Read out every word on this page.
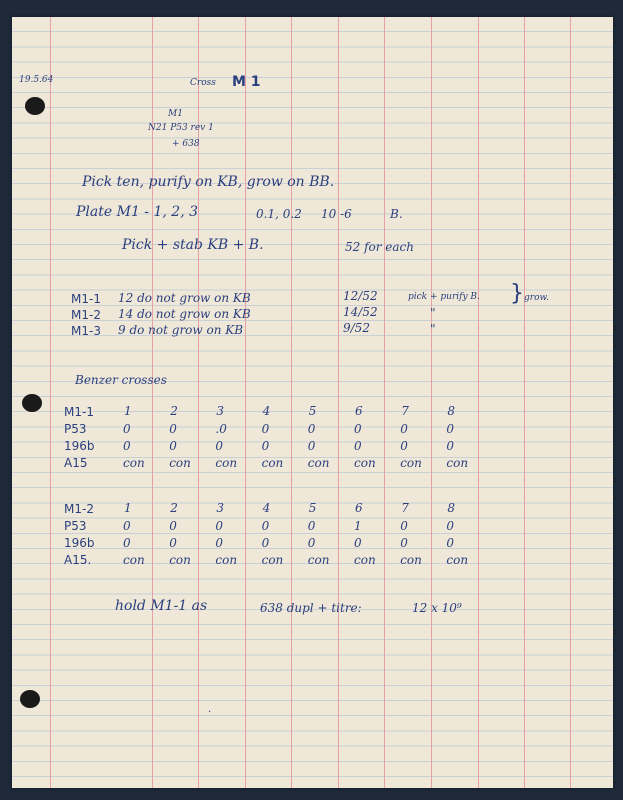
19.5.64	Cross M 1
M1
N21 P53 rev 1
+ 638
Pick ten, purify on KB, grow on BB.
Plate M1 - 1, 2, 3	0.1, 0.2 10 -6	B.
Pick + stab KB + B.	52 for each
M1-1 12 do not grow on KB	12/52
M1-2 14 do not grow on KB	14/52
M1-3 9 do not grow on KB	9/52
pick + purify B. } grow.
"
"
Benzer crosses
M1-1	1	2	3	4	5	6	7	8
P53	0	0	.0	0	0	0	0	0
196b 0	0	0	0	0	0	0	0
A15	con con con con con con con con
M1-2	1	2	3	4	5	6	7	8
P53	0	0	0	0	0	1	0	0
196b 0	0	0	0	0	0	0	0
A15.	con con con con con con con con
hold M1-1 as	638 dupl + titre:	12 x 10⁹
·
